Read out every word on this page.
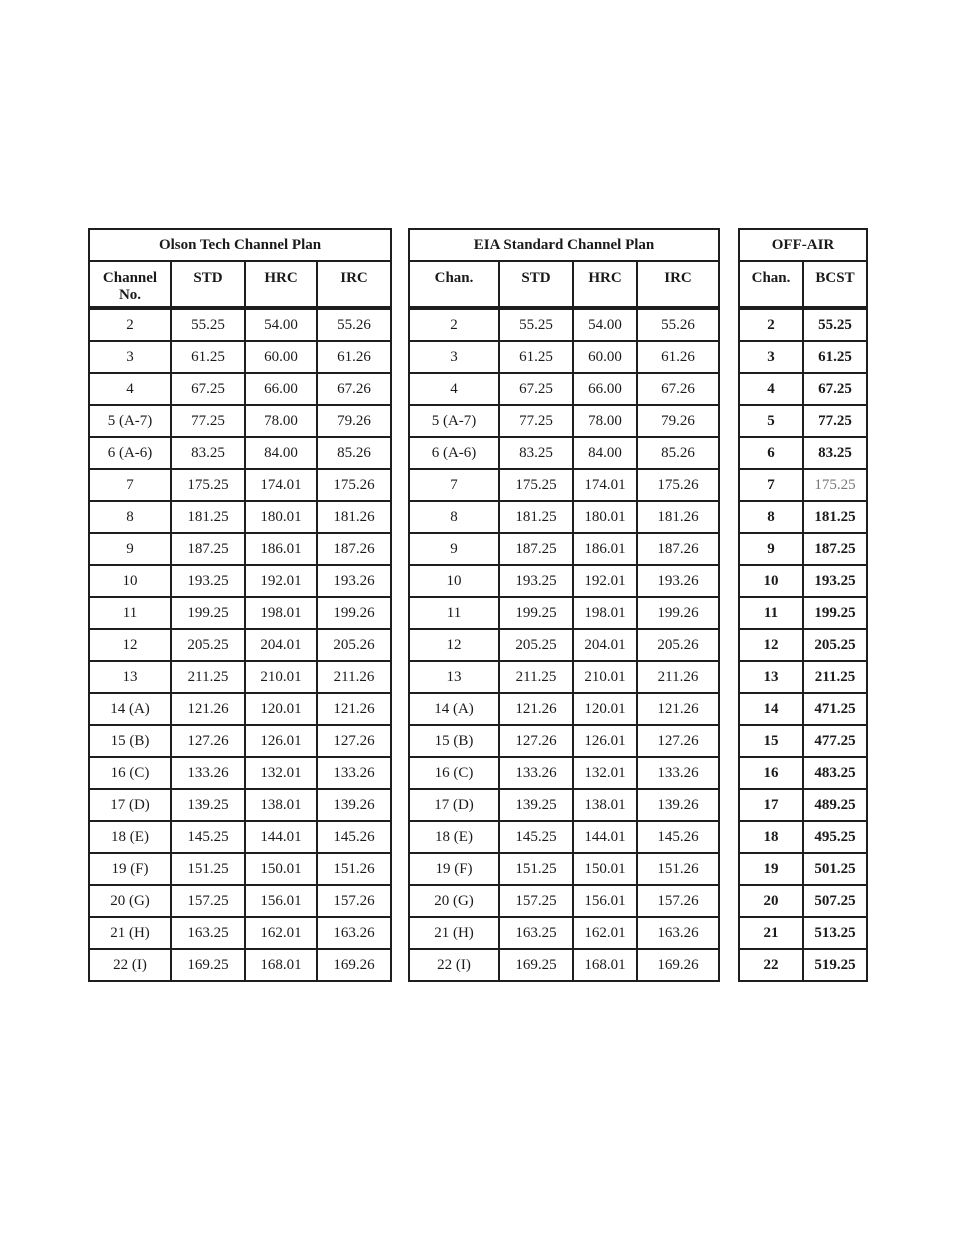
Olson Tech Channel Plan			
Channel No.	STD	HRC	IRC
2	55.25	54.00	55.26
3	61.25	60.00	61.26
4	67.25	66.00	67.26
5 (A-7)	77.25	78.00	79.26
6 (A-6)	83.25	84.00	85.26
7	175.25	174.01	175.26
8	181.25	180.01	181.26
9	187.25	186.01	187.26
10	193.25	192.01	193.26
11	199.25	198.01	199.26
12	205.25	204.01	205.26
13	211.25	210.01	211.26
14 (A)	121.26	120.01	121.26
15 (B)	127.26	126.01	127.26
16 (C)	133.26	132.01	133.26
17 (D)	139.25	138.01	139.26
18 (E)	145.25	144.01	145.26
19 (F)	151.25	150.01	151.26
20 (G)	157.25	156.01	157.26
21 (H)	163.25	162.01	163.26
22 (I)	169.25	168.01	169.26
EIA Standard Channel Plan			
Chan.	STD	HRC	IRC
2	55.25	54.00	55.26
3	61.25	60.00	61.26
4	67.25	66.00	67.26
5 (A-7)	77.25	78.00	79.26
6 (A-6)	83.25	84.00	85.26
7	175.25	174.01	175.26
8	181.25	180.01	181.26
9	187.25	186.01	187.26
10	193.25	192.01	193.26
11	199.25	198.01	199.26
12	205.25	204.01	205.26
13	211.25	210.01	211.26
14 (A)	121.26	120.01	121.26
15 (B)	127.26	126.01	127.26
16 (C)	133.26	132.01	133.26
17 (D)	139.25	138.01	139.26
18 (E)	145.25	144.01	145.26
19 (F)	151.25	150.01	151.26
20 (G)	157.25	156.01	157.26
21 (H)	163.25	162.01	163.26
22 (I)	169.25	168.01	169.26
OFF-AIR	
Chan.	BCST
2	55.25
3	61.25
4	67.25
5	77.25
6	83.25
7	175.25
8	181.25
9	187.25
10	193.25
11	199.25
12	205.25
13	211.25
14	471.25
15	477.25
16	483.25
17	489.25
18	495.25
19	501.25
20	507.25
21	513.25
22	519.25
